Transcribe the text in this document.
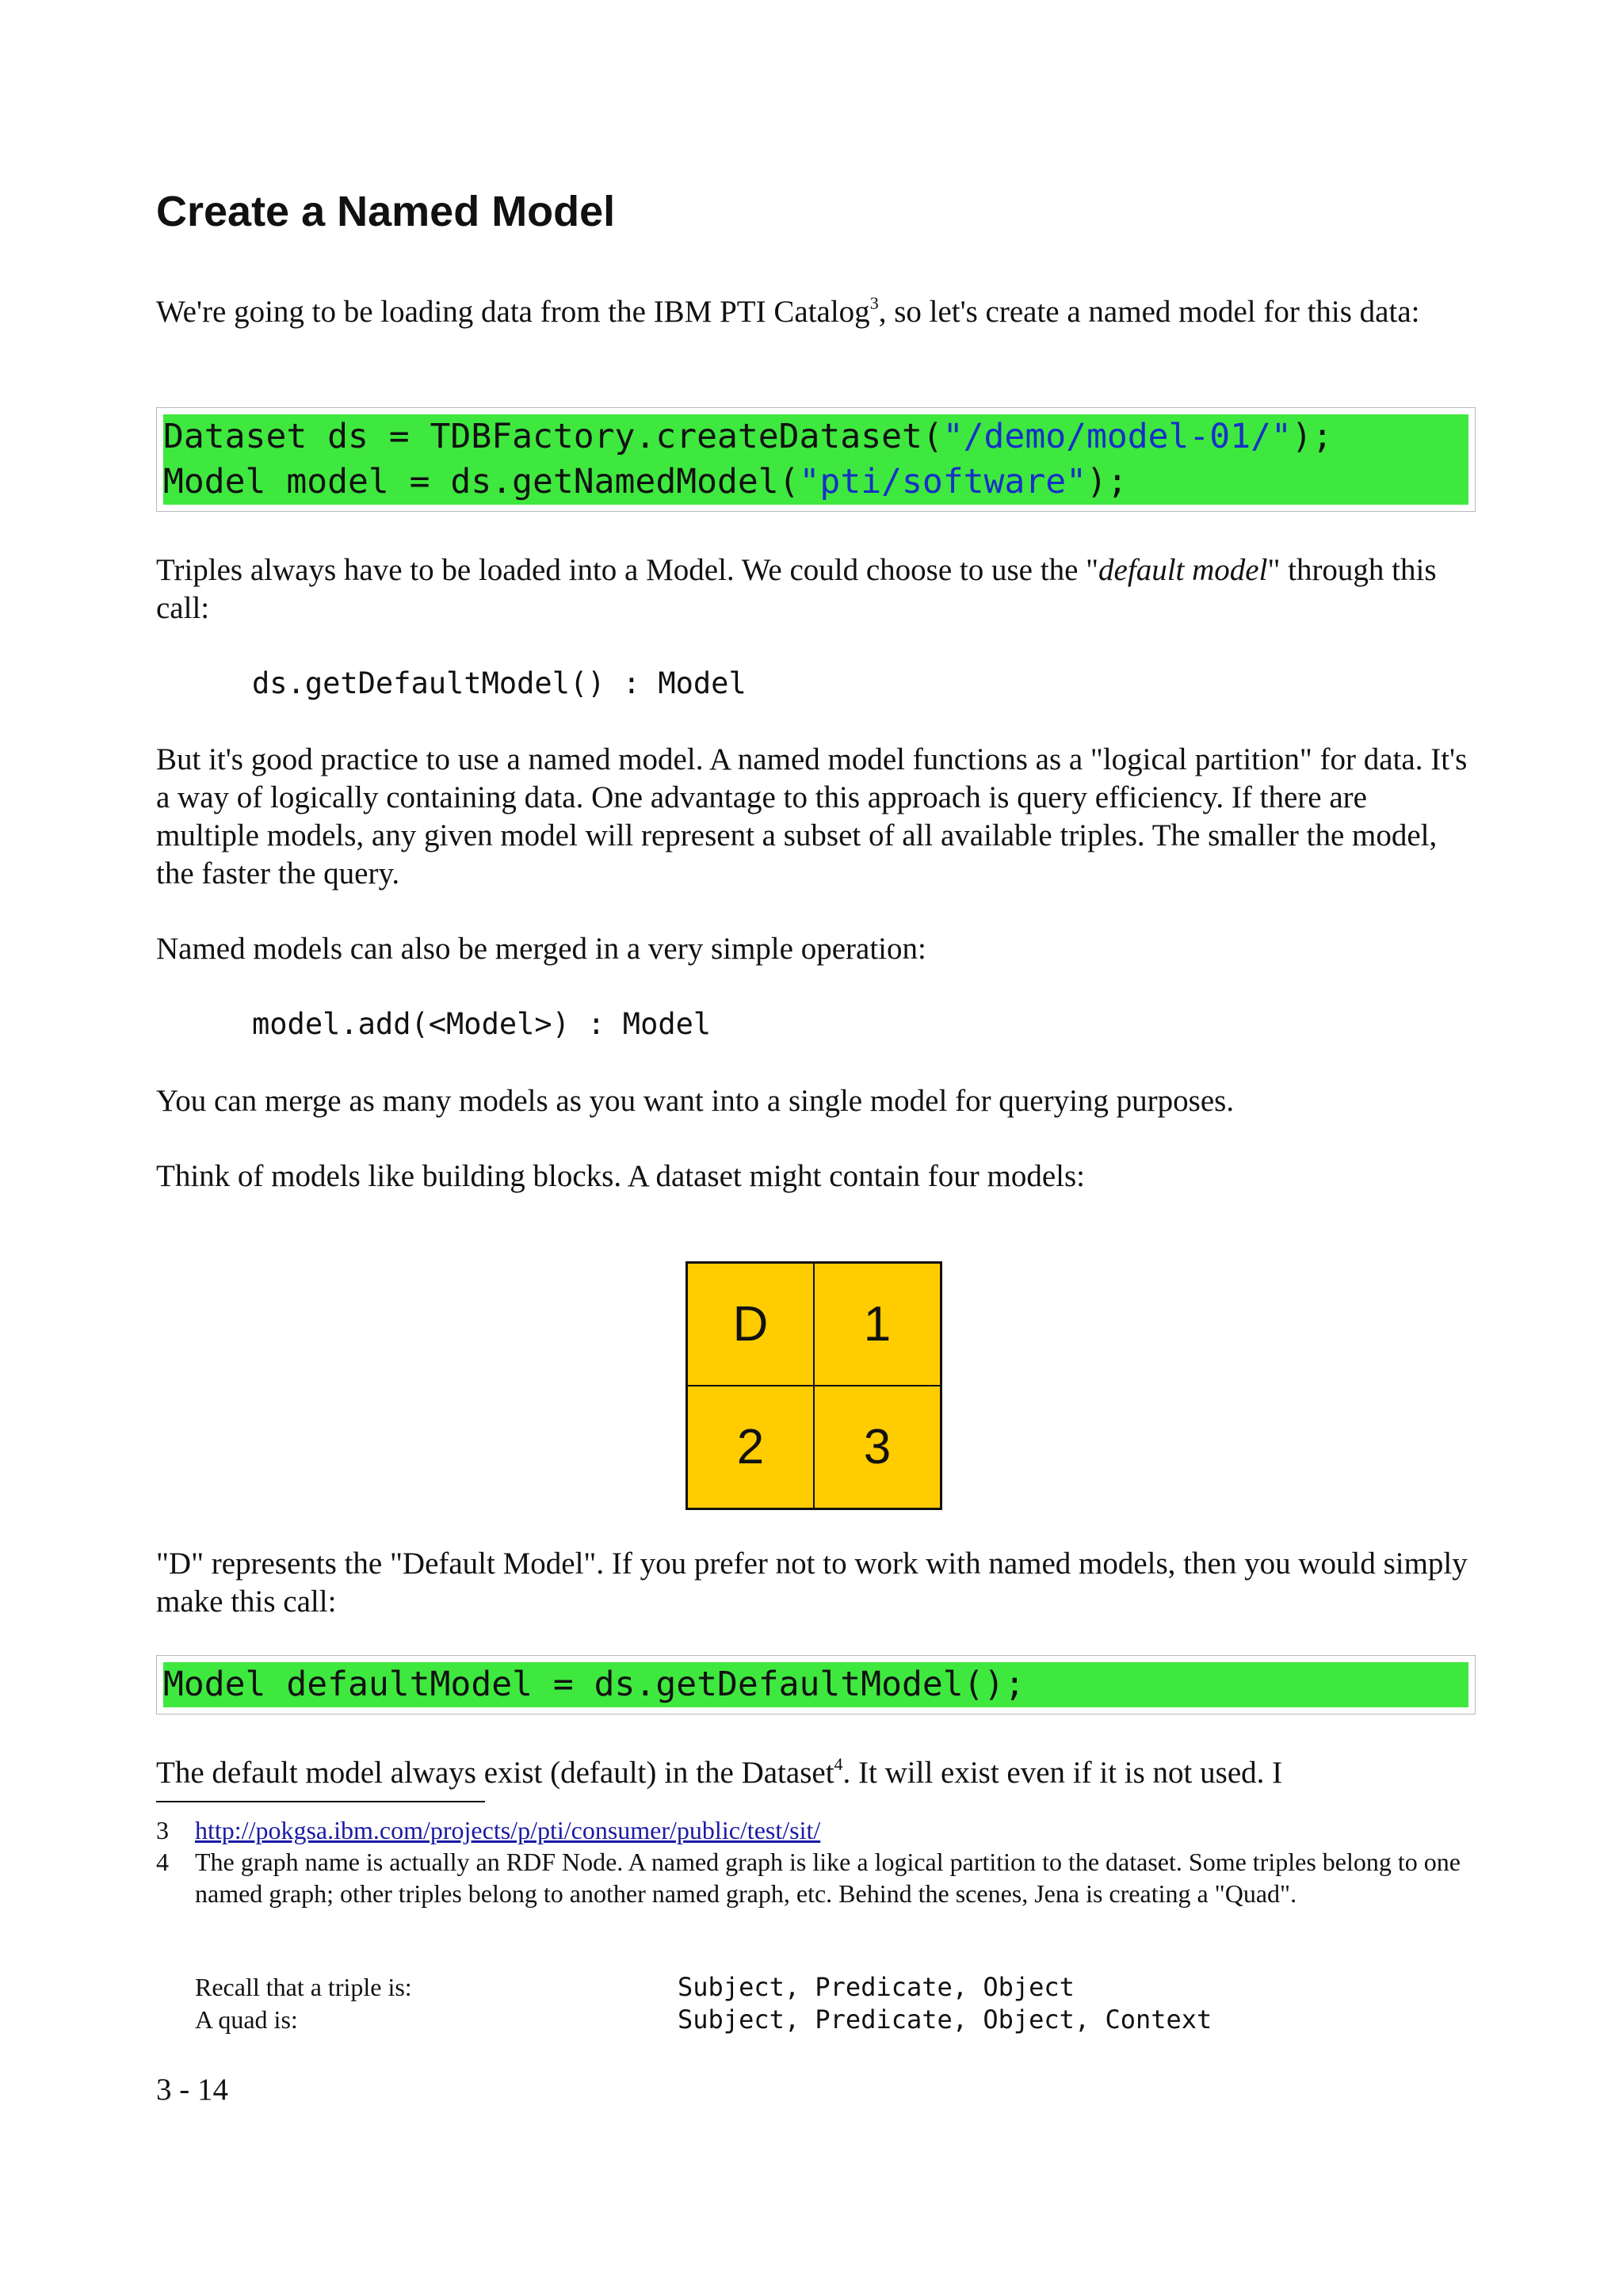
Create a Named Model

We're going to be loading data from the IBM PTI Catalog$^3$, so let's create a named model for this data:

Dataset ds = TDBFactory.createDataset("/demo/model-01/");
Model model = ds.getNamedModel("pti/software");

Triples always have to be loaded into a Model. We could choose to use the "default model" through this call:

ds.getDefaultModel() : Model

But it's good practice to use a named model. A named model functions as a "logical partition" for data. It's a way of logically containing data. One advantage to this approach is query efficiency. If there are multiple models, any given model will represent a subset of all available triples. The smaller the model, the faster the query.

Named models can also be merged in a very simple operation:

model.add(<Model>) : Model

You can merge as many models as you want into a single model for querying purposes.

Think of models like building blocks. A dataset might contain four models:

D	1
2	3

"D" represents the "Default Model". If you prefer not to work with named models, then you would simply make this call:

Model defaultModel = ds.getDefaultModel();

The default model always exist (default) in the Dataset$^4$. It will exist even if it is not used. I

3 http://pokgsa.ibm.com/projects/p/pti/consumer/public/test/sit/
4 The graph name is actually an RDF Node. A named graph is like a logical partition to the dataset. Some triples belong to one named graph; other triples belong to another named graph, etc. Behind the scenes, Jena is creating a "Quad".
Recall that a triple is:	Subject, Predicate, Object
A quad is:	Subject, Predicate, Object, Context
3 - 14
